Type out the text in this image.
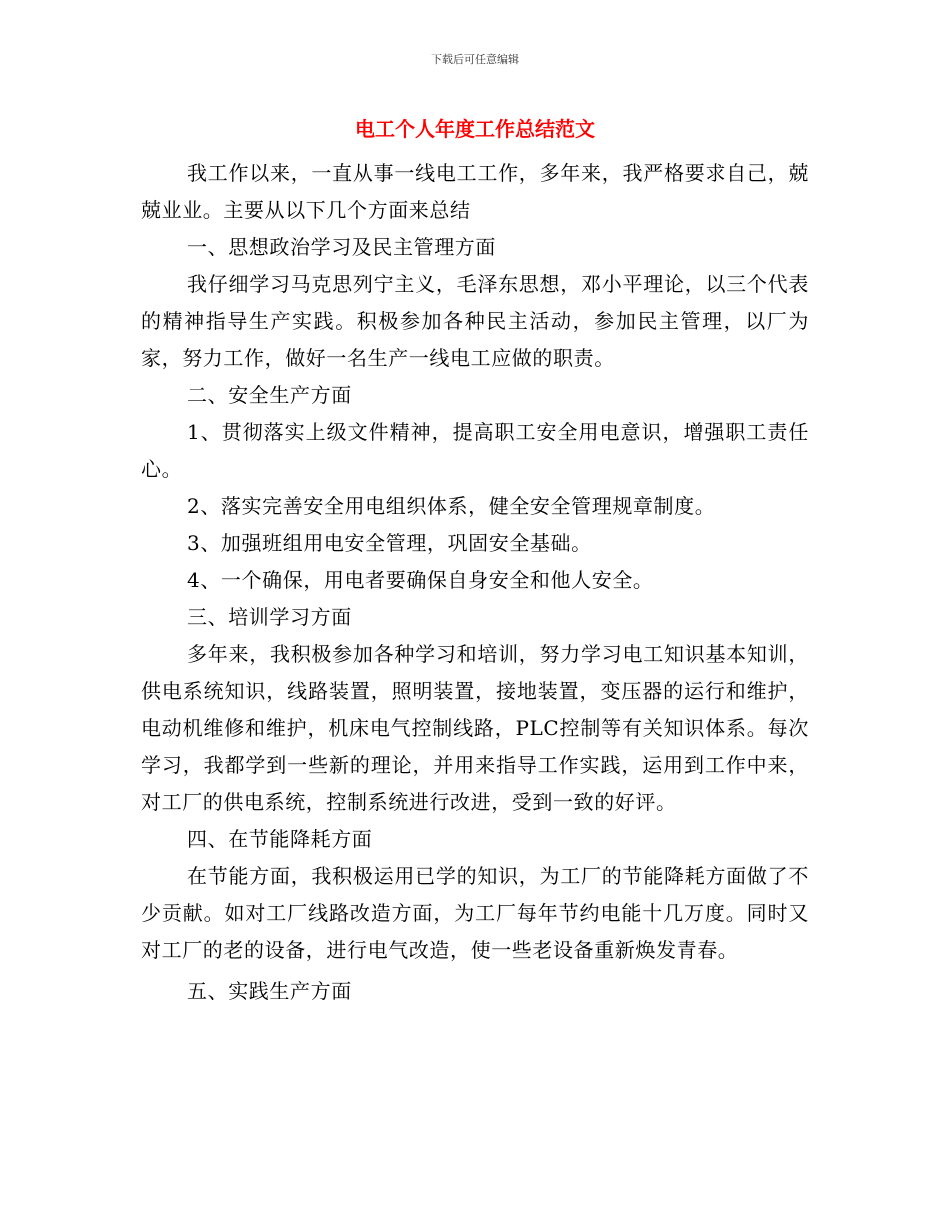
下载后可任意编辑
电工个人年度工作总结范文

我工作以来，一直从事一线电工工作，多年来，我严格要求自己，兢兢业业。主要从以下几个方面来总结

一、思想政治学习及民主管理方面

我仔细学习马克思列宁主义，毛泽东思想，邓小平理论，以三个代表的精神指导生产实践。积极参加各种民主活动，参加民主管理，以厂为家，努力工作，做好一名生产一线电工应做的职责。

二、安全生产方面

1、贯彻落实上级文件精神，提高职工安全用电意识，增强职工责任心。

2、落实完善安全用电组织体系，健全安全管理规章制度。

3、加强班组用电安全管理，巩固安全基础。

4、一个确保，用电者要确保自身安全和他人安全。

三、培训学习方面

多年来，我积极参加各种学习和培训，努力学习电工知识基本知训，供电系统知识，线路装置，照明装置，接地装置，变压器的运行和维护，电动机维修和维护，机床电气控制线路，PLC控制等有关知识体系。每次学习，我都学到一些新的理论，并用来指导工作实践，运用到工作中来，对工厂的供电系统，控制系统进行改进，受到一致的好评。

四、在节能降耗方面

在节能方面，我积极运用已学的知识，为工厂的节能降耗方面做了不少贡献。如对工厂线路改造方面，为工厂每年节约电能十几万度。同时又对工厂的老的设备，进行电气改造，使一些老设备重新焕发青春。

五、实践生产方面
